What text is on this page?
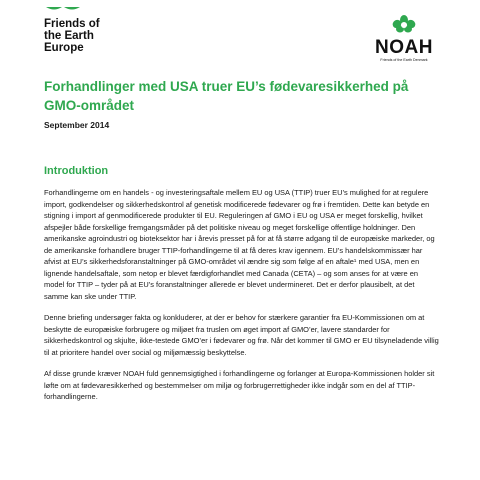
Friends of
the Earth
Europe	NOAH
Friends of the Earth Denmark
Forhandlinger med USA truer EU’s fødevaresikkerhed på GMO-området

September 2014

Introduktion

Forhandlingerne om en handels - og investeringsaftale mellem EU og USA (TTIP) truer EU’s mulighed for at regulere import, godkendelser og sikkerhedskontrol af genetisk modificerede fødevarer og frø i fremtiden. Dette kan betyde en stigning i import af genmodificerede produkter til EU. Reguleringen af GMO i EU og USA er meget forskellig, hvilket afspejler både forskellige fremgangsmåder på det politiske niveau og meget forskellige offentlige holdninger. Den amerikanske agroindustri og bioteksektor har i årevis presset på for at få større adgang til de europæiske markeder, og de amerikanske forhandlere bruger TTIP-forhandlingerne til at få deres krav igennem. EU’s handelskommissær har afvist at EU’s sikkerhedsforanstaltninger på GMO-området vil ændre sig som følge af en aftale¹ med USA, men en lignende handelsaftale, som netop er blevet færdigforhandlet med Canada (CETA) – og som anses for at være en model for TTIP – tyder på at EU’s foranstaltninger allerede er blevet undermineret. Det er derfor plausibelt, at det samme kan ske under TTIP.

Denne briefing undersøger fakta og konkluderer, at der er behov for stærkere garantier fra EU-Kommissionen om at beskytte de europæiske forbrugere og miljøet fra truslen om øget import af GMO’er, lavere standarder for sikkerhedskontrol og skjulte, ikke-testede GMO’er i fødevarer og frø. Når det kommer til GMO er EU tilsyneladende villig til at prioritere handel over social og miljømæssig beskyttelse.

Af disse grunde kræver NOAH fuld gennemsigtighed i forhandlingerne og forlanger at Europa-Kommissionen holder sit løfte om at fødevaresikkerhed og bestemmelser om miljø og forbrugerrettigheder ikke indgår som en del af TTIP-forhandlingerne.
